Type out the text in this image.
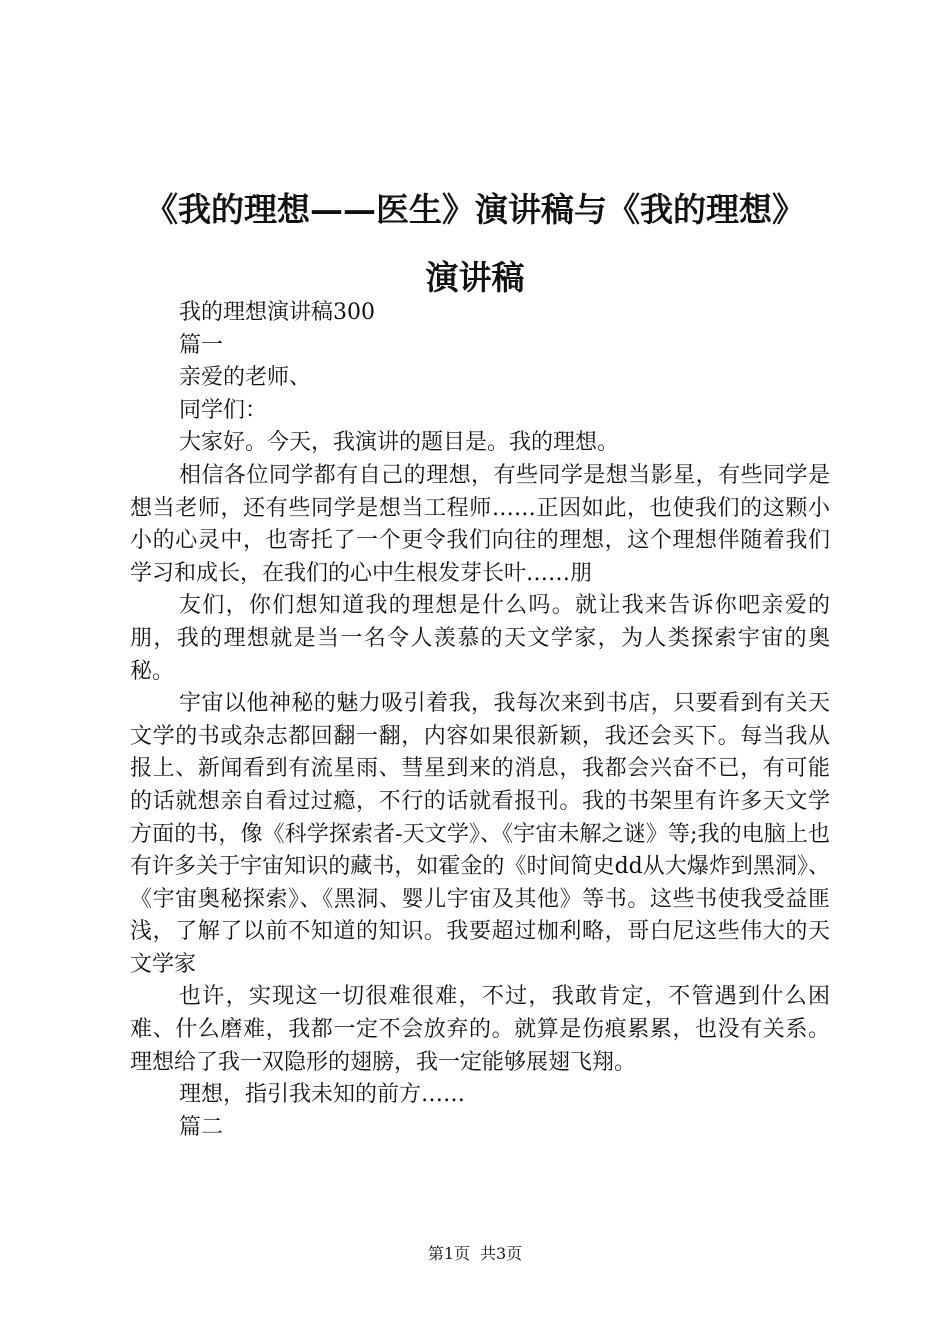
《我的理想——医生》演讲稿与《我的理想》
演讲稿

我的理想演讲稿300

篇一

亲爱的老师、

同学们：

大家好。今天，我演讲的题目是。我的理想。

相信各位同学都有自己的理想，有些同学是想当影星，有些同学是想当老师，还有些同学是想当工程师……正因如此，也使我们的这颗小小的心灵中，也寄托了一个更令我们向往的理想，这个理想伴随着我们学习和成长，在我们的心中生根发芽长叶……朋

友们，你们想知道我的理想是什么吗。就让我来告诉你吧亲爱的朋，我的理想就是当一名令人羡慕的天文学家，为人类探索宇宙的奥秘。

宇宙以他神秘的魅力吸引着我，我每次来到书店，只要看到有关天文学的书或杂志都回翻一翻，内容如果很新颖，我还会买下。每当我从报上、新闻看到有流星雨、彗星到来的消息，我都会兴奋不已，有可能的话就想亲自看过过瘾，不行的话就看报刊。我的书架里有许多天文学方面的书，像《科学探索者-天文学》、《宇宙未解之谜》等;我的电脑上也有许多关于宇宙知识的藏书，如霍金的《时间简史dd从大爆炸到黑洞》、《宇宙奥秘探索》、《黑洞、婴儿宇宙及其他》等书。这些书使我受益匪浅，了解了以前不知道的知识。我要超过枷利略，哥白尼这些伟大的天文学家

也许，实现这一切很难很难，不过，我敢肯定，不管遇到什么困难、什么磨难，我都一定不会放弃的。就算是伤痕累累，也没有关系。理想给了我一双隐形的翅膀，我一定能够展翅飞翔。

理想，指引我未知的前方……

篇二

第1页 共3页
